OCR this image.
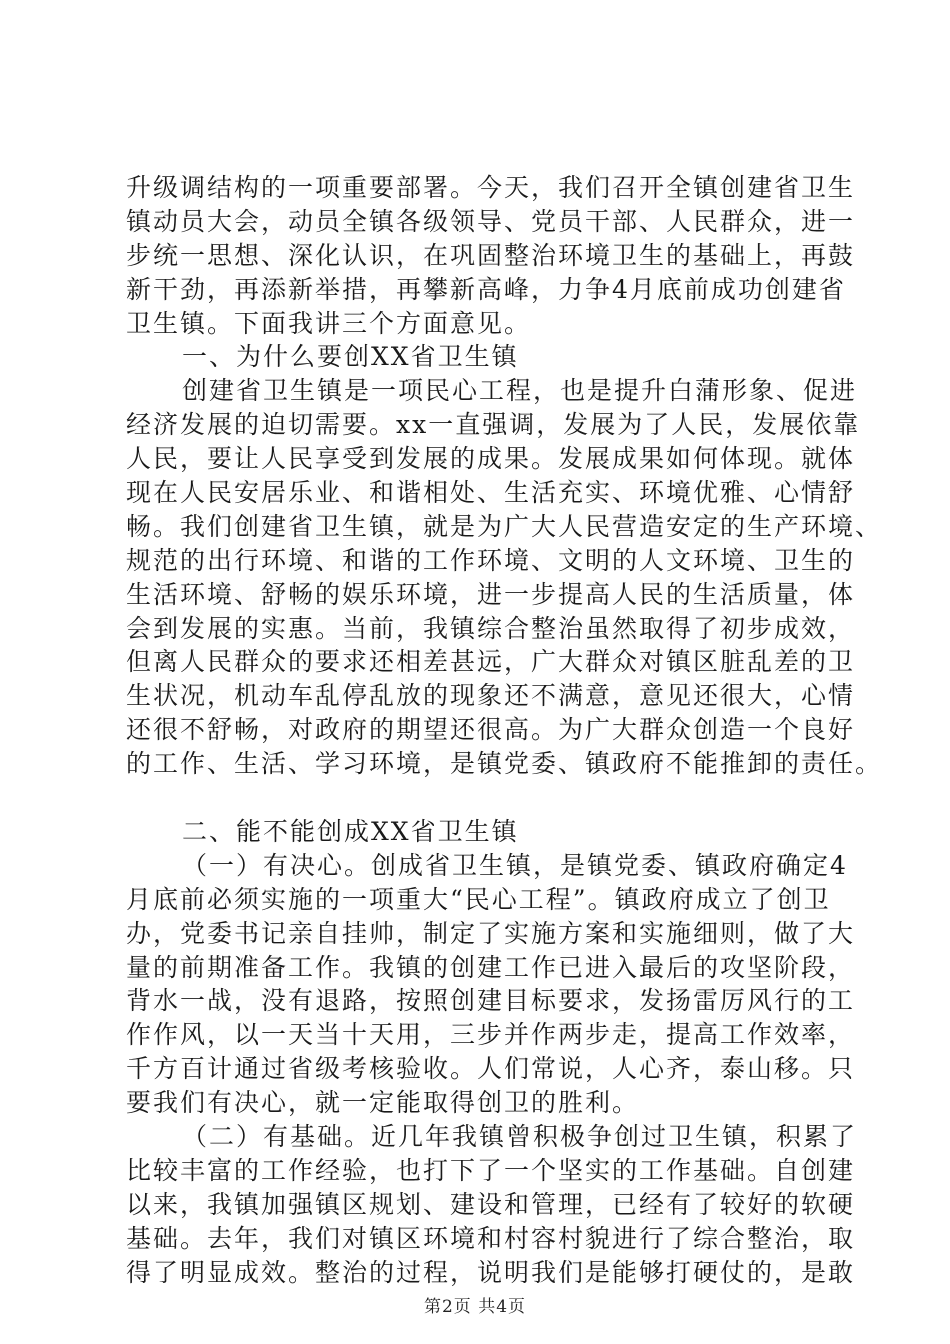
升级调结构的一项重要部署。今天，我们召开全镇创建省卫生
镇动员大会，动员全镇各级领导、党员干部、人民群众，进一
步统一思想、深化认识，在巩固整治环境卫生的基础上，再鼓
新干劲，再添新举措，再攀新高峰，力争4月底前成功创建省
卫生镇。下面我讲三个方面意见。
一、为什么要创XX省卫生镇
创建省卫生镇是一项民心工程，也是提升白蒲形象、促进
经济发展的迫切需要。xx一直强调，发展为了人民，发展依靠
人民，要让人民享受到发展的成果。发展成果如何体现。就体
现在人民安居乐业、和谐相处、生活充实、环境优雅、心情舒
畅。我们创建省卫生镇，就是为广大人民营造安定的生产环境、
规范的出行环境、和谐的工作环境、文明的人文环境、卫生的
生活环境、舒畅的娱乐环境，进一步提高人民的生活质量，体
会到发展的实惠。当前，我镇综合整治虽然取得了初步成效，
但离人民群众的要求还相差甚远，广大群众对镇区脏乱差的卫
生状况，机动车乱停乱放的现象还不满意，意见还很大，心情
还很不舒畅，对政府的期望还很高。为广大群众创造一个良好
的工作、生活、学习环境，是镇党委、镇政府不能推卸的责任。
二、能不能创成XX省卫生镇
（一）有决心。创成省卫生镇，是镇党委、镇政府确定4
月底前必须实施的一项重大“民心工程”。镇政府成立了创卫
办，党委书记亲自挂帅，制定了实施方案和实施细则，做了大
量的前期准备工作。我镇的创建工作已进入最后的攻坚阶段，
背水一战，没有退路，按照创建目标要求，发扬雷厉风行的工
作作风，以一天当十天用，三步并作两步走，提高工作效率，
千方百计通过省级考核验收。人们常说，人心齐，泰山移。只
要我们有决心，就一定能取得创卫的胜利。
（二）有基础。近几年我镇曾积极争创过卫生镇，积累了
比较丰富的工作经验，也打下了一个坚实的工作基础。自创建
以来，我镇加强镇区规划、建设和管理，已经有了较好的软硬
基础。去年，我们对镇区环境和村容村貌进行了综合整治，取
得了明显成效。整治的过程，说明我们是能够打硬仗的，是敢
第2页 共4页
